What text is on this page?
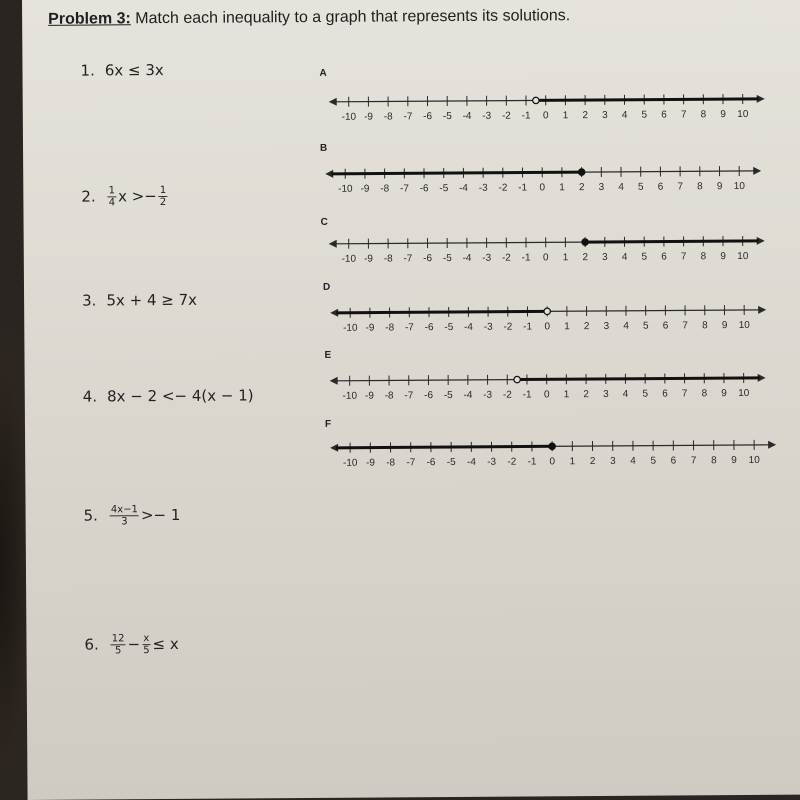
Problem 3: Match each inequality to a graph that represents its solutions.
1. 6x ≤ 3x
2. $\frac{1}{4}$ $x >- \frac{1}{2}$
3. 5x + 4 ≥ 7x
4. 8x − 2 <− 4(x − 1)
5. $\frac{4x-1}{3} >- 1$
6. $\frac{12}{5} - \frac{x}{5} \le x$
A
-10 -9 -8 -7 -6 -5 -4 -3 -2 -1 0 1 2 3 4 5 6 7 8 9 10
B
-10 -9 -8 -7 -6 -5 -4 -3 -2 -1 0 1 2 3 4 5 6 7 8 9 10
C
-10 -9 -8 -7 -6 -5 -4 -3 -2 -1 0 1 2 3 4 5 6 7 8 9 10
D
-10 -9 -8 -7 -6 -5 -4 -3 -2 -1 0 1 2 3 4 5 6 7 8 9 10
E
-10 -9 -8 -7 -6 -5 -4 -3 -2 -1 0 1 2 3 4 5 6 7 8 9 10
F
-10 -9 -8 -7 -6 -5 -4 -3 -2 -1 0 1 2 3 4 5 6 7 8 9 10
